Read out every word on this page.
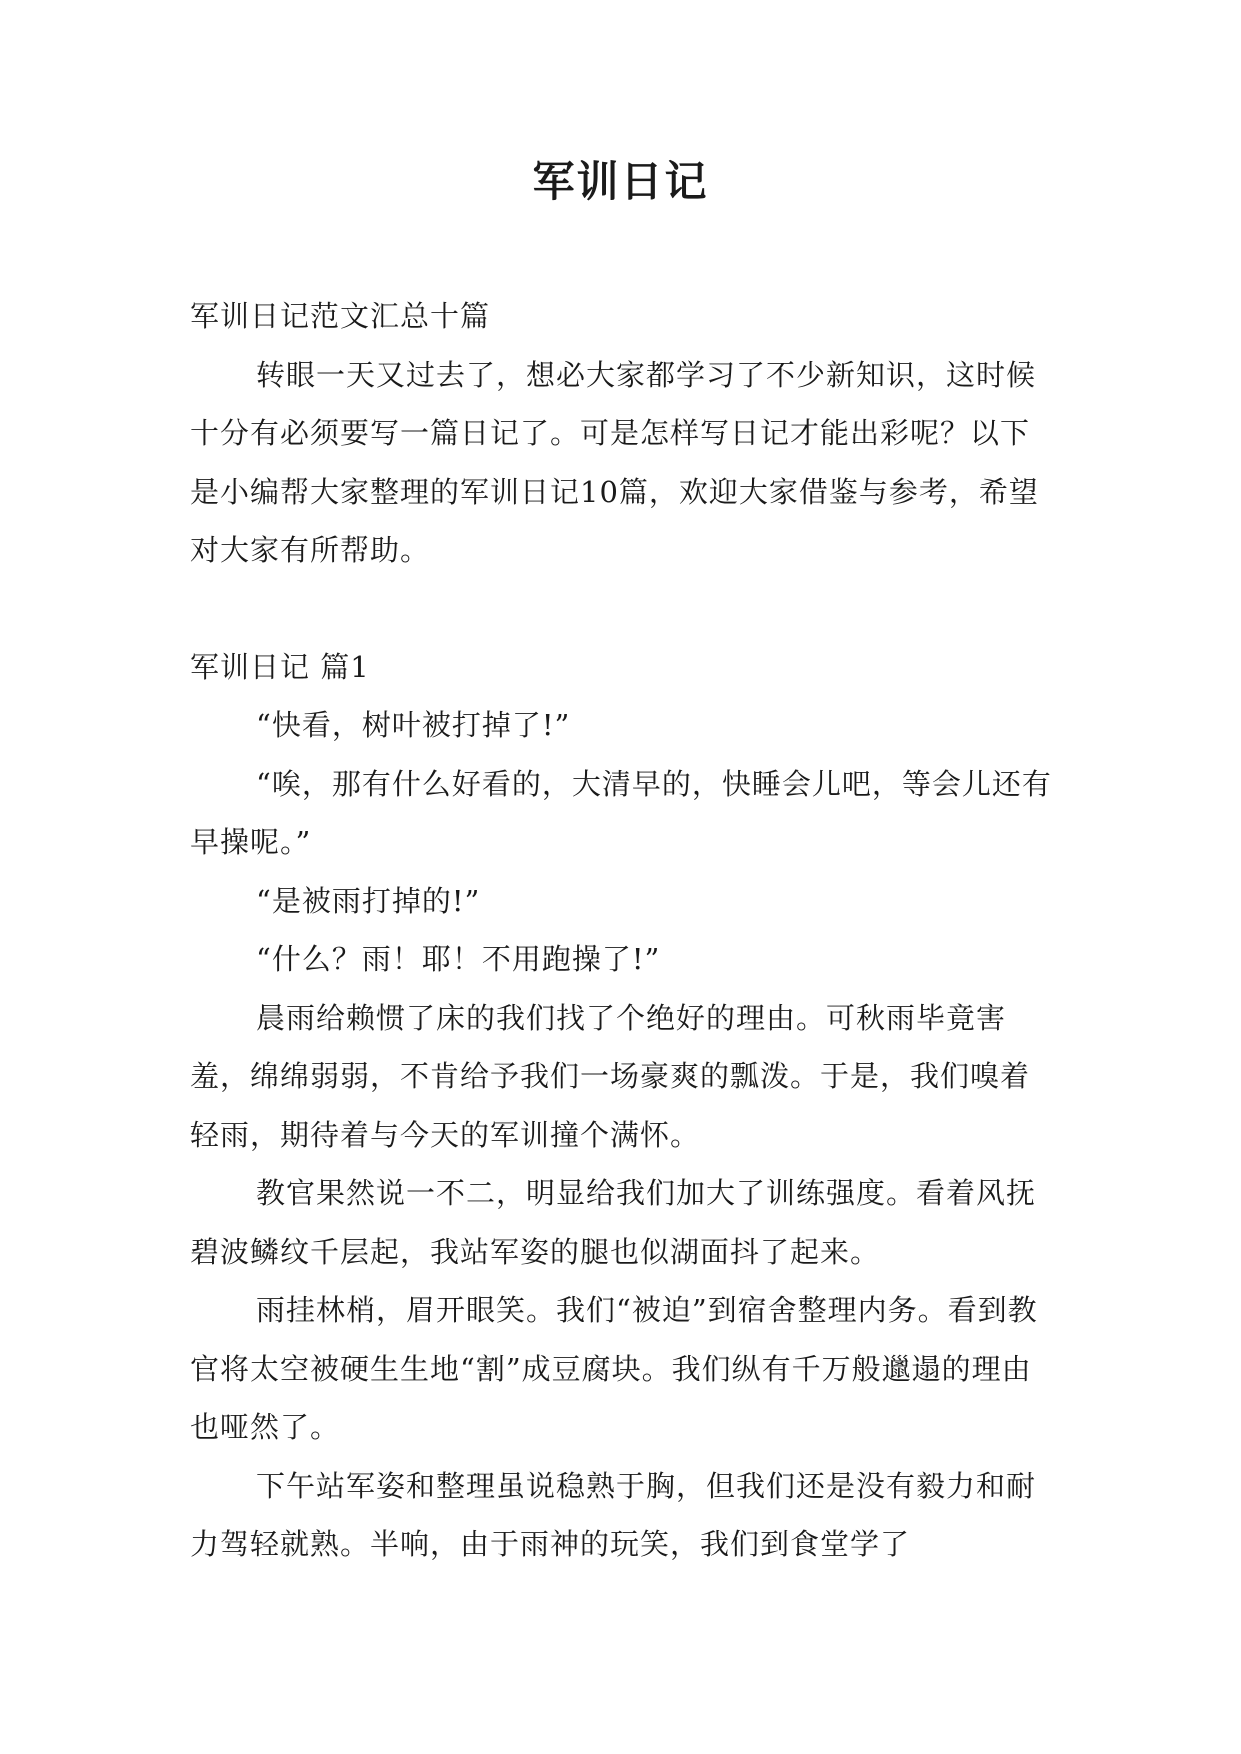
军训日记

军训日记范文汇总十篇

转眼一天又过去了，想必大家都学习了不少新知识，这时候十分有必须要写一篇日记了。可是怎样写日记才能出彩呢？以下是小编帮大家整理的军训日记10篇，欢迎大家借鉴与参考，希望对大家有所帮助。

军训日记 篇1

“快看，树叶被打掉了!”

“唉，那有什么好看的，大清早的，快睡会儿吧，等会儿还有早操呢。”

“是被雨打掉的!”

“什么？雨！耶！不用跑操了!”

晨雨给赖惯了床的我们找了个绝好的理由。可秋雨毕竟害羞，绵绵弱弱，不肯给予我们一场豪爽的瓢泼。于是，我们嗅着轻雨，期待着与今天的军训撞个满怀。

教官果然说一不二，明显给我们加大了训练强度。看着风抚碧波鳞纹千层起，我站军姿的腿也似湖面抖了起来。

雨挂林梢，眉开眼笑。我们“被迫”到宿舍整理内务。看到教官将太空被硬生生地“割”成豆腐块。我们纵有千万般邋遢的理由也哑然了。

下午站军姿和整理虽说稳熟于胸，但我们还是没有毅力和耐力驾轻就熟。半响，由于雨神的玩笑，我们到食堂学了
